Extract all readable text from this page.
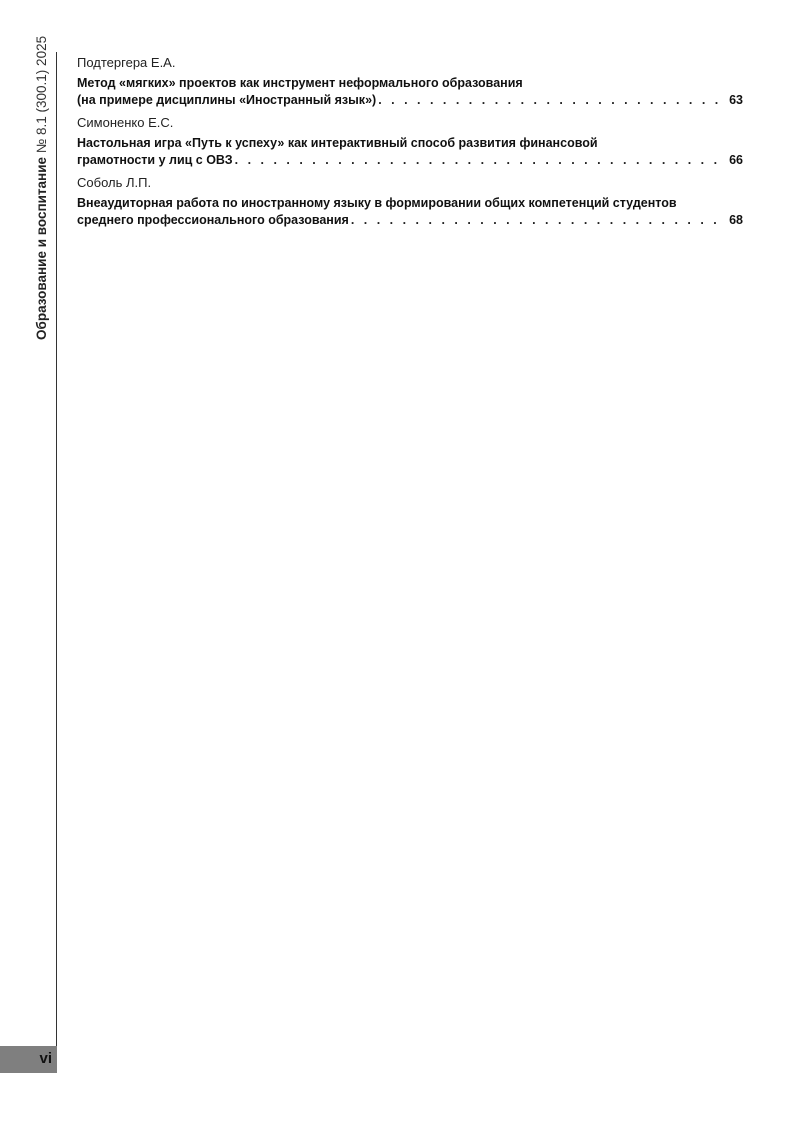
Образование и воспитание № 8.1 (300.1) 2025
vi
Подтергера Е.А.
Метод «мягких» проектов как инструмент неформального образования
(на примере дисциплины «Иностранный язык») . . .	63
Симоненко Е.С.
Настольная игра «Путь к успеху» как интерактивный способ развития финансовой
грамотности у лиц с ОВЗ . . .	66
Соболь Л.П.
Внеаудиторная работа по иностранному языку в формировании общих компетенций студентов
среднего профессионального образования . . .	68
